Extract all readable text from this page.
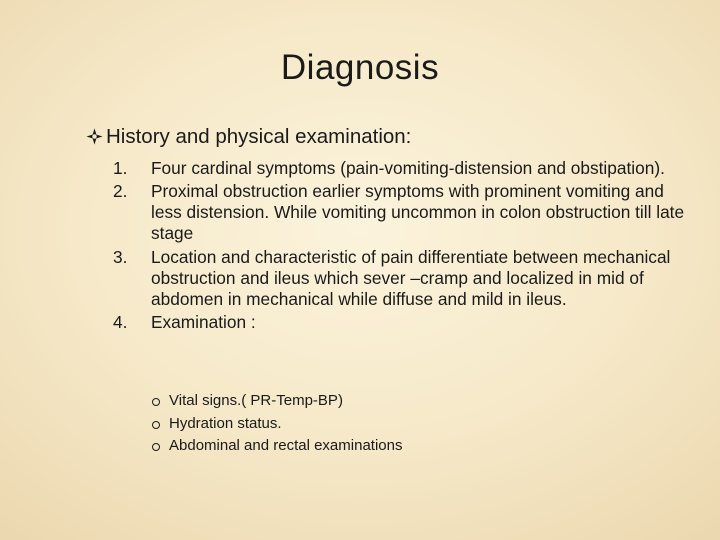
Diagnosis
History and physical examination:
1. Four cardinal symptoms (pain-vomiting-distension and obstipation).
2. Proximal obstruction earlier symptoms with prominent vomiting and less distension. While vomiting uncommon in colon obstruction till late stage
3. Location and characteristic of pain differentiate between mechanical obstruction and ileus which sever –cramp and localized in mid of abdomen in mechanical while diffuse and mild in ileus.
4. Examination :
Vital signs.( PR-Temp-BP)
Hydration status.
Abdominal and rectal examinations
